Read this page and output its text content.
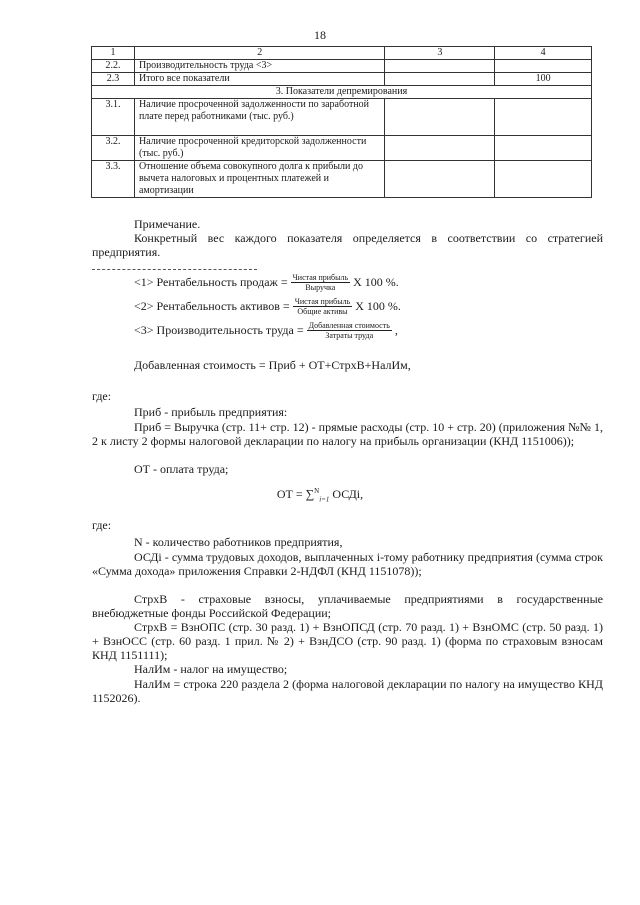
18
1	2	3	4
2.2.	Производительность труда <3>		
2.3	Итого все показатели		100
3. Показатели депремирования			
3.1.	Наличие просроченной задолженности по заработной плате перед работниками (тыс. руб.)		
3.2.	Наличие просроченной кредиторской задолженности (тыс. руб.)		
3.3.	Отношение объема совокупного долга к прибыли до вычета налоговых и процентных платежей и амортизации		
Примечание.
Конкретный вес каждого показателя определяется в соответствии со стратегией предприятия.
<1> Рентабельность продаж = $\frac{\text{Чистая прибыль}}{\text{Выручка}}$ Х 100 %.
<2> Рентабельность активов = $\frac{\text{Чистая прибыль}}{\text{Общие активы}}$ Х 100 %.
<3> Производительность труда = $\frac{\text{Добавленная стоимость}}{\text{Затраты труда}}$ ,
Добавленная стоимость = Приб + ОТ+СтрхВ+НалИм,
где:
Приб - прибыль предприятия:
Приб = Выручка (стр. 11+ стр. 12) - прямые расходы (стр. 10 + стр. 20) (приложения №№ 1, 2 к листу 2 формы налоговой декларации по налогу на прибыль организации (КНД 1151006));
ОТ - оплата труда;
ОТ = ∑$^N_{i=1}$ ОСДi,
где:
N - количество работников предприятия,
ОСДi - сумма трудовых доходов, выплаченных i-тому работнику предприятия (сумма строк «Сумма дохода» приложения Справки 2-НДФЛ (КНД 1151078));
СтрхВ - страховые взносы, уплачиваемые предприятиями в государственные внебюджетные фонды Российской Федерации;
СтрхВ = ВзнОПС (стр. 30 разд. 1) + ВзнОПСД (стр. 70 разд. 1) + ВзнОМС (стр. 50 разд. 1) + ВзнОСС (стр. 60 разд. 1 прил. № 2) + ВзнДСО (стр. 90 разд. 1) (форма по страховым взносам КНД 1151111);
НалИм - налог на имущество;
НалИм = строка 220 раздела 2 (форма налоговой декларации по налогу на имущество КНД 1152026).
